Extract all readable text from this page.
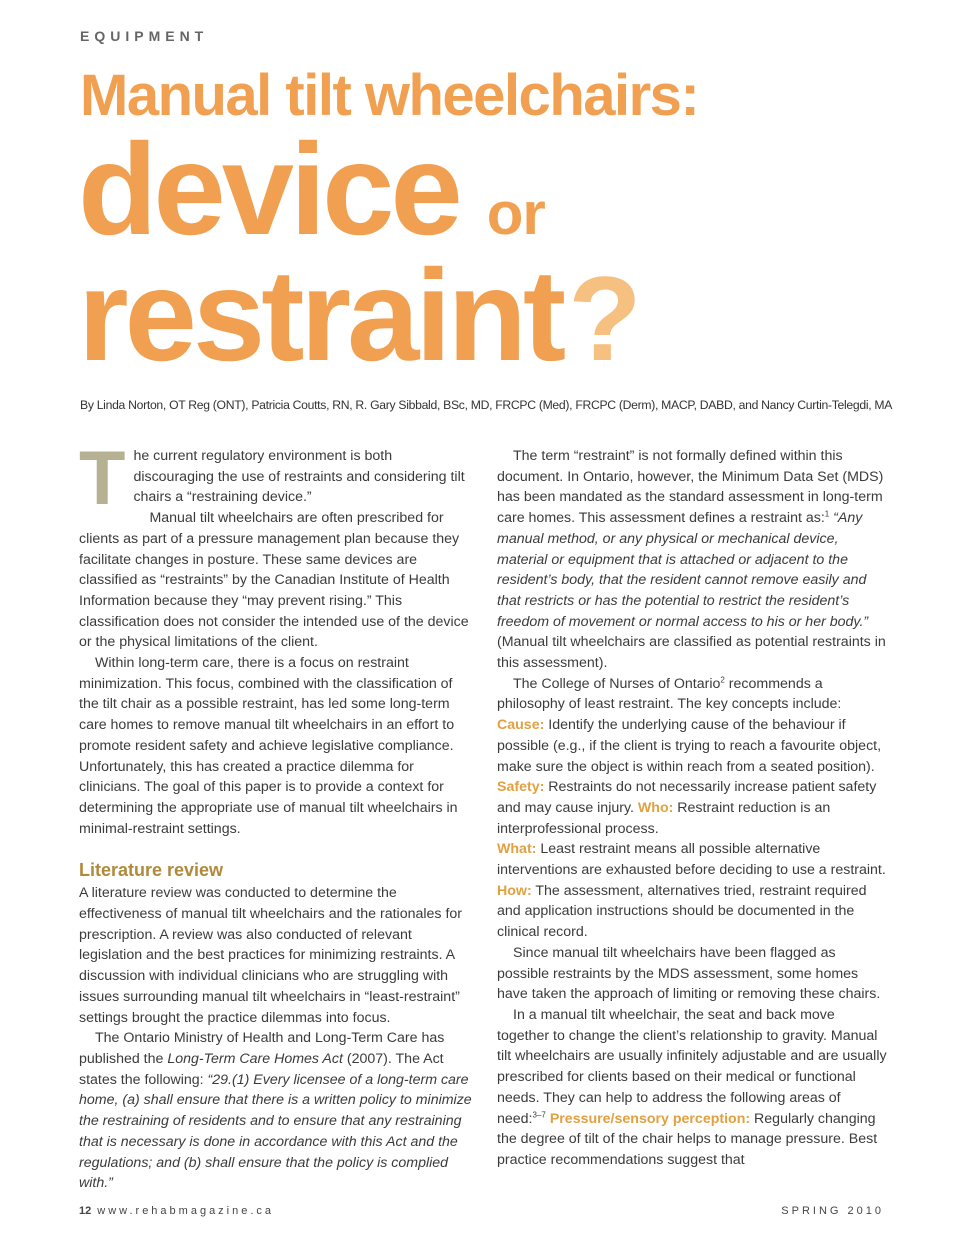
EQUIPMENT
Manual tilt wheelchairs:
device or
restraint?
By Linda Norton, OT Reg (ONT), Patricia Coutts, RN, R. Gary Sibbald, BSc, MD, FRCPC (Med), FRCPC (Derm), MACP, DABD, and Nancy Curtin-Telegdi, MA

The current regulatory environment is both discouraging the use of restraints and considering tilt chairs a “restraining device.”

Manual tilt wheelchairs are often prescribed for clients as part of a pressure management plan because they facilitate changes in posture. These same devices are classified as “restraints” by the Canadian Institute of Health Information because they “may prevent rising.” This classification does not consider the intended use of the device or the physical limitations of the client.

Within long-term care, there is a focus on restraint minimization. This focus, combined with the classification of the tilt chair as a possible restraint, has led some long-term care homes to remove manual tilt wheelchairs in an effort to promote resident safety and achieve legislative compliance. Unfortunately, this has created a practice dilemma for clinicians. The goal of this paper is to provide a context for determining the appropriate use of manual tilt wheelchairs in minimal-restraint settings.

Literature review

A literature review was conducted to determine the effectiveness of manual tilt wheelchairs and the rationales for prescription. A review was also conducted of relevant legislation and the best practices for minimizing restraints. A discussion with individual clinicians who are struggling with issues surrounding manual tilt wheelchairs in “least-restraint” settings brought the practice dilemmas into focus.

The Ontario Ministry of Health and Long-Term Care has published the Long-Term Care Homes Act (2007). The Act states the following: “29.(1) Every licensee of a long-term care home, (a) shall ensure that there is a written policy to minimize the restraining of residents and to ensure that any restraining that is necessary is done in accordance with this Act and the regulations; and (b) shall ensure that the policy is complied with.”

The term “restraint” is not formally defined within this document. In Ontario, however, the Minimum Data Set (MDS) has been mandated as the standard assessment in long-term care homes. This assessment defines a restraint as:$^1$ “Any manual method, or any physical or mechanical device, material or equipment that is attached or adjacent to the resident’s body, that the resident cannot remove easily and that restricts or has the potential to restrict the resident’s freedom of movement or normal access to his or her body.” (Manual tilt wheelchairs are classified as potential restraints in this assessment).

The College of Nurses of Ontario$^2$ recommends a philosophy of least restraint. The key concepts include:
Cause: Identify the underlying cause of the behaviour if possible (e.g., if the client is trying to reach a favourite object, make sure the object is within reach from a seated position). Safety: Restraints do not necessarily increase patient safety and may cause injury. Who: Restraint reduction is an interprofessional process.
What: Least restraint means all possible alternative interventions are exhausted before deciding to use a restraint. How: The assessment, alternatives tried, restraint required and application instructions should be documented in the clinical record.

Since manual tilt wheelchairs have been flagged as possible restraints by the MDS assessment, some homes have taken the approach of limiting or removing these chairs.

In a manual tilt wheelchair, the seat and back move together to change the client’s relationship to gravity. Manual tilt wheelchairs are usually infinitely adjustable and are usually prescribed for clients based on their medical or functional needs. They can help to address the following areas of need:$^{3-7}$ Pressure/sensory perception: Regularly changing the degree of tilt of the chair helps to manage pressure. Best practice recommendations suggest that

12 www.rehabmagazine.ca	SPRING 2010
